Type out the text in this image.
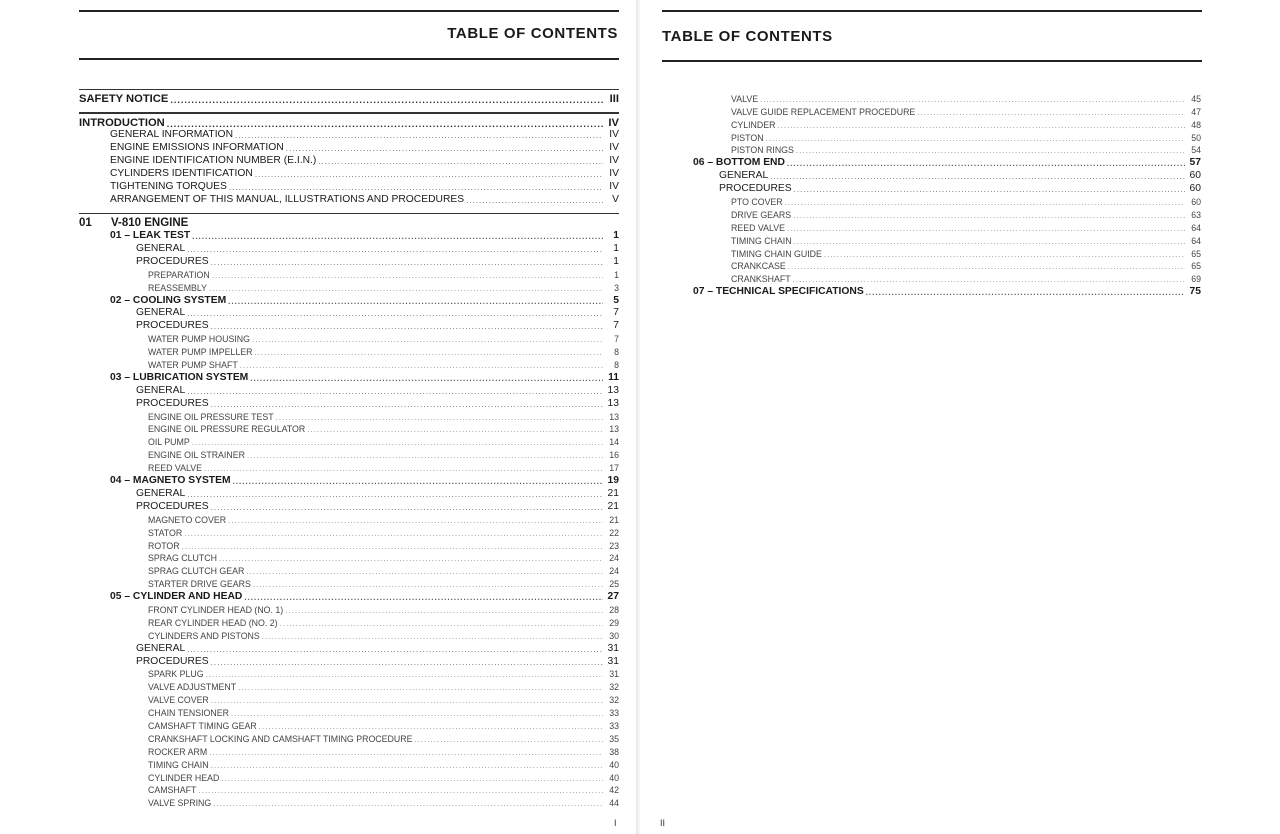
TABLE OF CONTENTS
SAFETY NOTICE .....	III
INTRODUCTION .....	IV
GENERAL INFORMATION .....	IV
ENGINE EMISSIONS INFORMATION .....	IV
ENGINE IDENTIFICATION NUMBER (E.I.N.) .....	IV
CYLINDERS IDENTIFICATION .....	IV
TIGHTENING TORQUES .....	IV
ARRANGEMENT OF THIS MANUAL, ILLUSTRATIONS AND PROCEDURES .....	V
01	V-810 ENGINE
01 – LEAK TEST .....	1
GENERAL .....	1
PROCEDURES .....	1
PREPARATION .....	1
REASSEMBLY .....	3
02 – COOLING SYSTEM .....	5
GENERAL .....	7
PROCEDURES .....	7
WATER PUMP HOUSING .....	7
WATER PUMP IMPELLER .....	8
WATER PUMP SHAFT .....	8
03 – LUBRICATION SYSTEM .....	11
GENERAL .....	13
PROCEDURES .....	13
ENGINE OIL PRESSURE TEST .....	13
ENGINE OIL PRESSURE REGULATOR .....	13
OIL PUMP .....	14
ENGINE OIL STRAINER .....	16
REED VALVE .....	17
04 – MAGNETO SYSTEM .....	19
GENERAL .....	21
PROCEDURES .....	21
MAGNETO COVER .....	21
STATOR .....	22
ROTOR .....	23
SPRAG CLUTCH .....	24
SPRAG CLUTCH GEAR .....	24
STARTER DRIVE GEARS .....	25
05 – CYLINDER AND HEAD .....	27
FRONT CYLINDER HEAD (NO. 1) .....	28
REAR CYLINDER HEAD (NO. 2) .....	29
CYLINDERS AND PISTONS .....	30
GENERAL .....	31
PROCEDURES .....	31
SPARK PLUG .....	31
VALVE ADJUSTMENT .....	32
VALVE COVER .....	32
CHAIN TENSIONER .....	33
CAMSHAFT TIMING GEAR .....	33
CRANKSHAFT LOCKING AND CAMSHAFT TIMING PROCEDURE .....	35
ROCKER ARM .....	38
TIMING CHAIN .....	40
CYLINDER HEAD .....	40
CAMSHAFT .....	42
VALVE SPRING .....	44
I
TABLE OF CONTENTS
VALVE .....	45
VALVE GUIDE REPLACEMENT PROCEDURE .....	47
CYLINDER .....	48
PISTON .....	50
PISTON RINGS .....	54
06 – BOTTOM END .....	57
GENERAL .....	60
PROCEDURES .....	60
PTO COVER .....	60
DRIVE GEARS .....	63
REED VALVE .....	64
TIMING CHAIN .....	64
TIMING CHAIN GUIDE .....	65
CRANKCASE .....	65
CRANKSHAFT .....	69
07 – TECHNICAL SPECIFICATIONS .....	75
II
